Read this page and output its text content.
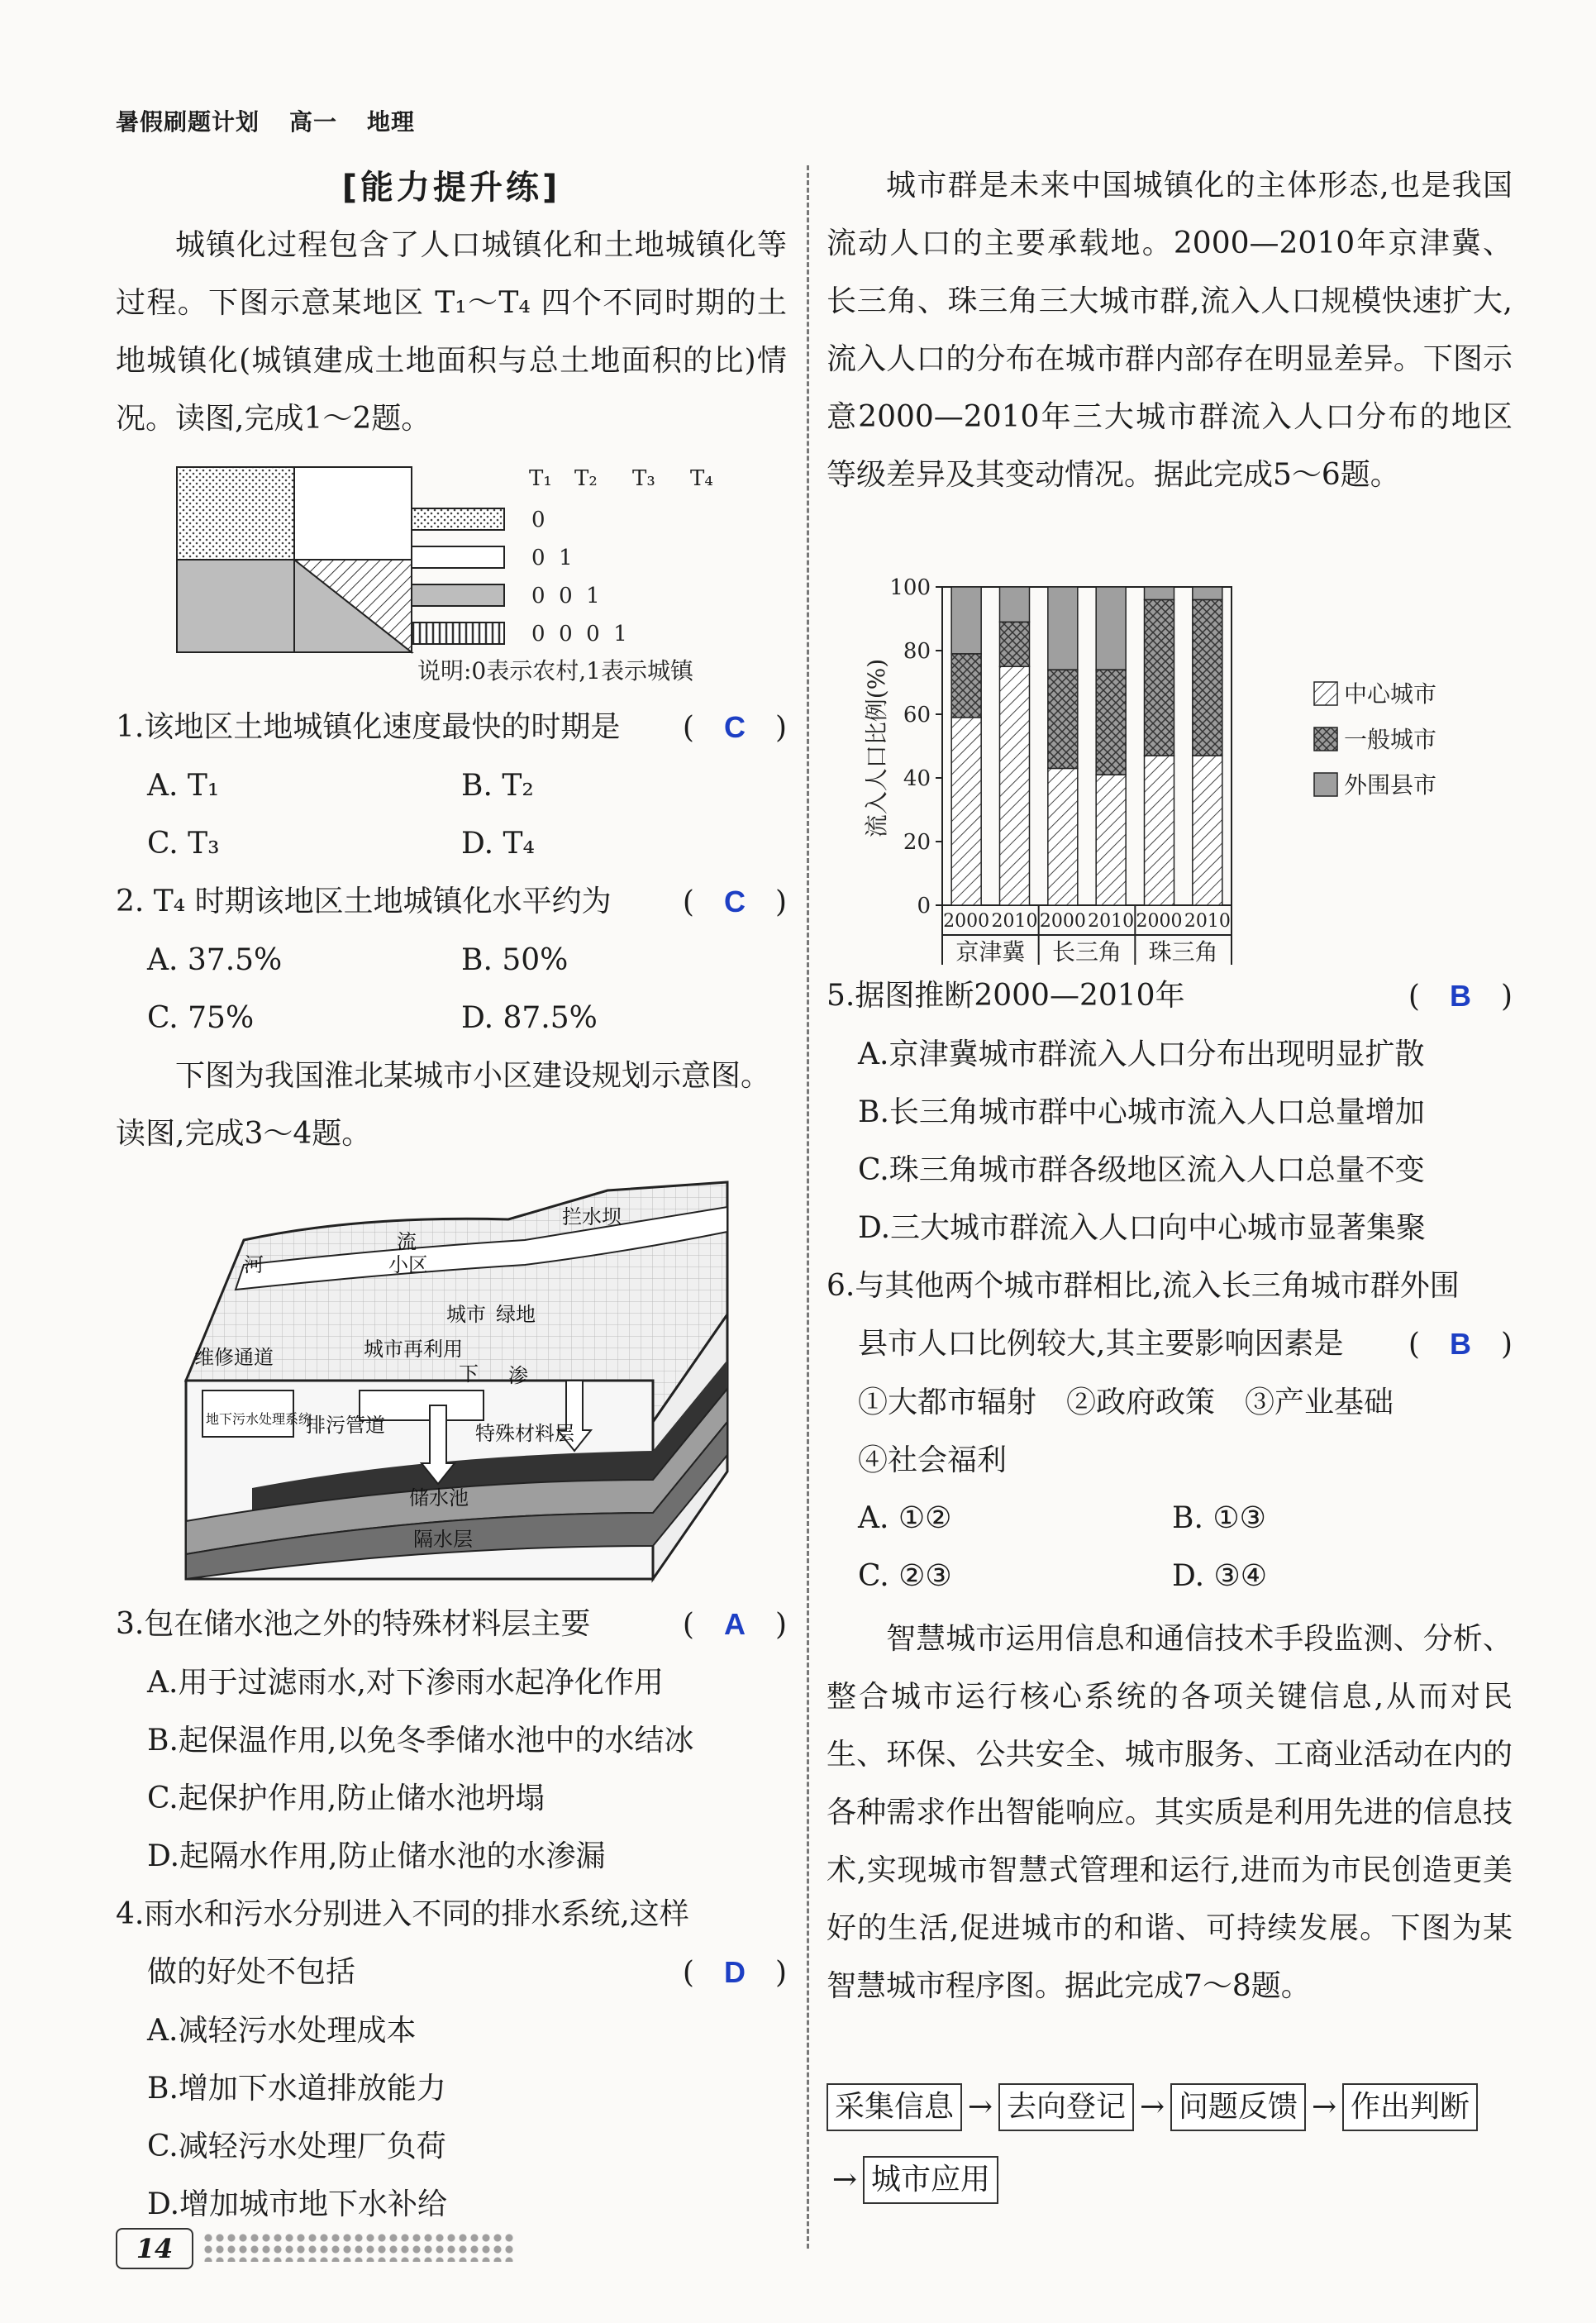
暑假刷题计划 高一 地理

[能力提升练]

城镇化过程包含了人口城镇化和土地城镇化等过程。下图示意某地区 T₁～T₄ 四个不同时期的土地城镇化(城镇建成土地面积与总土地面积的比)情况。读图,完成1～2题。

T₁ T₂ T₃ T₄
0
0  1
0  0  1
0  0  0  1
说明:0表示农村,1表示城镇
1.该地区土地城镇化速度最快的时期是 (　C　)
A. T₁	B. T₂
C. T₃	D. T₄
2. T₄ 时期该地区土地城镇化水平约为 (　C　)
A. 37.5%	B. 50%
C. 75%	D. 87.5%

下图为我国淮北某城市小区建设规划示意图。读图,完成3～4题。

拦水坝
河
流
小区
城市 绿地
城市再利用
维修通道
地下污水处理系统
排污管道
下 渗
特殊材料层
储水池
隔水层
3.包在储水池之外的特殊材料层主要	(　A　)

A.用于过滤雨水,对下渗雨水起净化作用

B.起保温作用,以免冬季储水池中的水结冰

C.起保护作用,防止储水池坍塌

D.起隔水作用,防止储水池的水渗漏

4.雨水和污水分别进入不同的排水系统,这样

做的好处不包括	(　D　)

A.减轻污水处理成本

B.增加下水道排放能力

C.减轻污水处理厂负荷

D.增加城市地下水补给

城市群是未来中国城镇化的主体形态,也是我国流动人口的主要承载地。2000—2010年京津冀、长三角、珠三角三大城市群,流入人口规模快速扩大,流入人口的分布在城市群内部存在明显差异。下图示意2000—2010年三大城市群流入人口分布的地区等级差异及其变动情况。据此完成5～6题。

0
20
40
60
80
100
2000 2010 2000 2010 2000 2010
京津冀 长三角 珠三角
中心城市
一般城市
外围县市
流入人口比例(%)
5.据图推断2000—2010年	(　B　)

A.京津冀城市群流入人口分布出现明显扩散

B.长三角城市群中心城市流入人口总量增加

C.珠三角城市群各级地区流入人口总量不变

D.三大城市群流入人口向中心城市显著集聚

6.与其他两个城市群相比,流入长三角城市群外围

县市人口比例较大,其主要影响因素是 (　B　)

①大都市辐射　②政府政策　③产业基础

④社会福利

A. ①②	B. ①③
C. ②③	D. ③④

智慧城市运用信息和通信技术手段监测、分析、整合城市运行核心系统的各项关键信息,从而对民生、环保、公共安全、城市服务、工商业活动在内的各种需求作出智能响应。其实质是利用先进的信息技术,实现城市智慧式管理和运行,进而为市民创造更美好的生活,促进城市的和谐、可持续发展。下图为某智慧城市程序图。据此完成7～8题。

采集信息 → 去向登记 → 问题反馈 → 作出判断
→ 城市应用
14
